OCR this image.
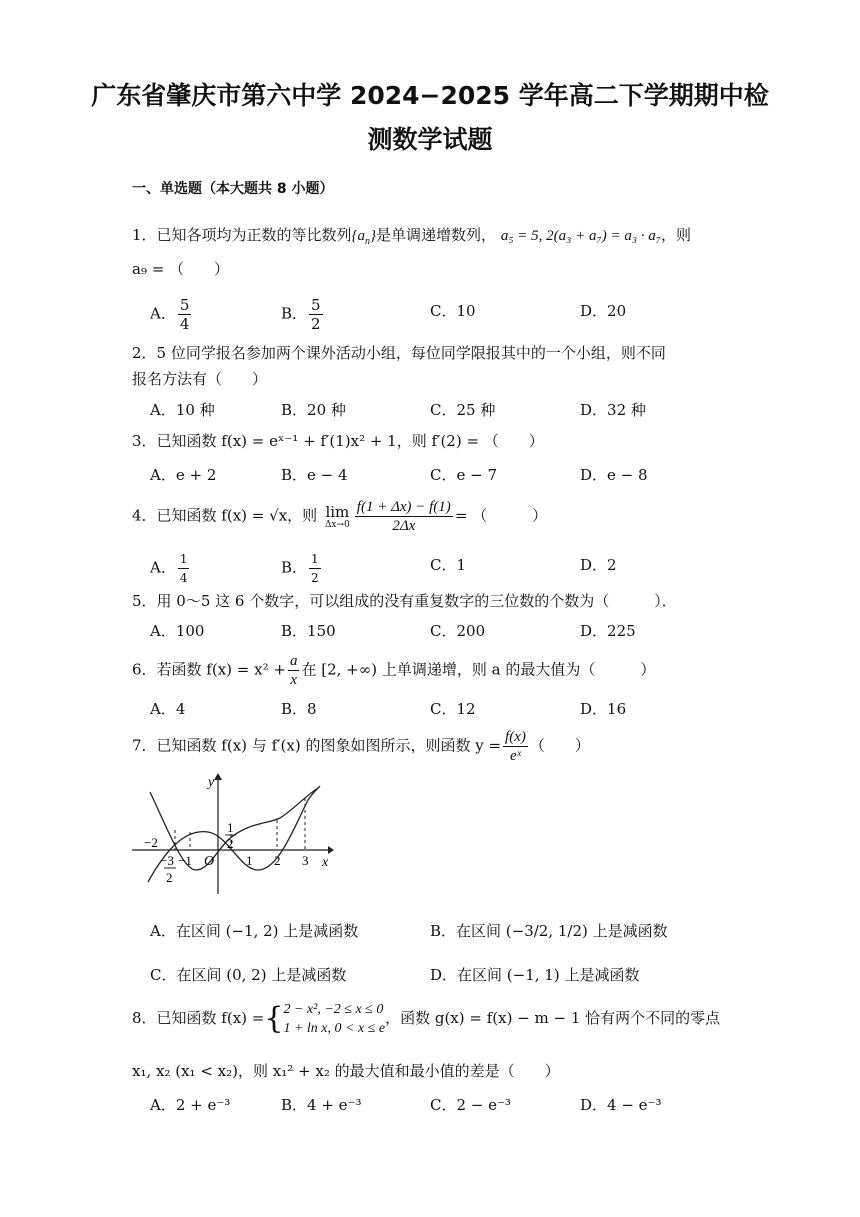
广东省肇庆市第六中学 2024−2025 学年高二下学期期中检
测数学试题
一、单选题（本大题共 8 小题）
1．已知各项均为正数的等比数列$\{a_n\}$是单调递增数列， a₅ = 5, 2(a₃ + a₇) = a₃ · a₇，则
a₉ = （　　）
A． $\frac{5}{4}$	B． $\frac{5}{2}$	C．10	D．20
2．5 位同学报名参加两个课外活动小组，每位同学限报其中的一个小组，则不同
报名方法有（　　）
A．10 种	B．20 种	C．25 种	D．32 种
3．已知函数 f(x) = eˣ⁻¹ + f′(1)x² + 1，则 f′(2) = （　　）
A．e + 2	B．e − 4	C．e − 7	D．e − 8
4．已知函数 f(x) = √x，则 lim
$\Delta x\to 0 \frac{f(1 + \Delta x) - f(1)}{2\Delta x}$ = （　　　）
A． $\frac{1}{4}$	B． $\frac{1}{2}$	C．1	D．2
5．用 0～5 这 6 个数字，可以组成的没有重复数字的三位数的个数为（　　　）．
A．100	B．150	C．200	D．225
6．若函数 $f(x) = x^2 + \frac{a}{x}$ 在 [2, +∞) 上单调递增，则 a 的最大值为（　　　）
A．4	B．8	C．12	D．16
7．已知函数 f(x) 与 f′(x) 的图象如图所示，则函数 $y = \frac{f(x)}{\text{eˣ}}$ （　　）
y
x
O
−2
−3
2
−1
1
2
1 2 3
A．在区间 (−1, 2) 上是减函数	B．在区间 (−3/2, 1/2) 上是减函数
C．在区间 (0, 2) 上是减函数	D．在区间 (−1, 1) 上是减函数
8．已知函数 f(x) ={ 2 − x², −2 ≤ x ≤ 0
1 + ln x, 0 < x ≤ e
，函数 g(x) = f(x) − m − 1 恰有两个不同的零点
x₁, x₂ (x₁ < x₂)，则 x₁² + x₂ 的最大值和最小值的差是（　　）
A．2 + e⁻³	B．4 + e⁻³	C．2 − e⁻³	D．4 − e⁻³
